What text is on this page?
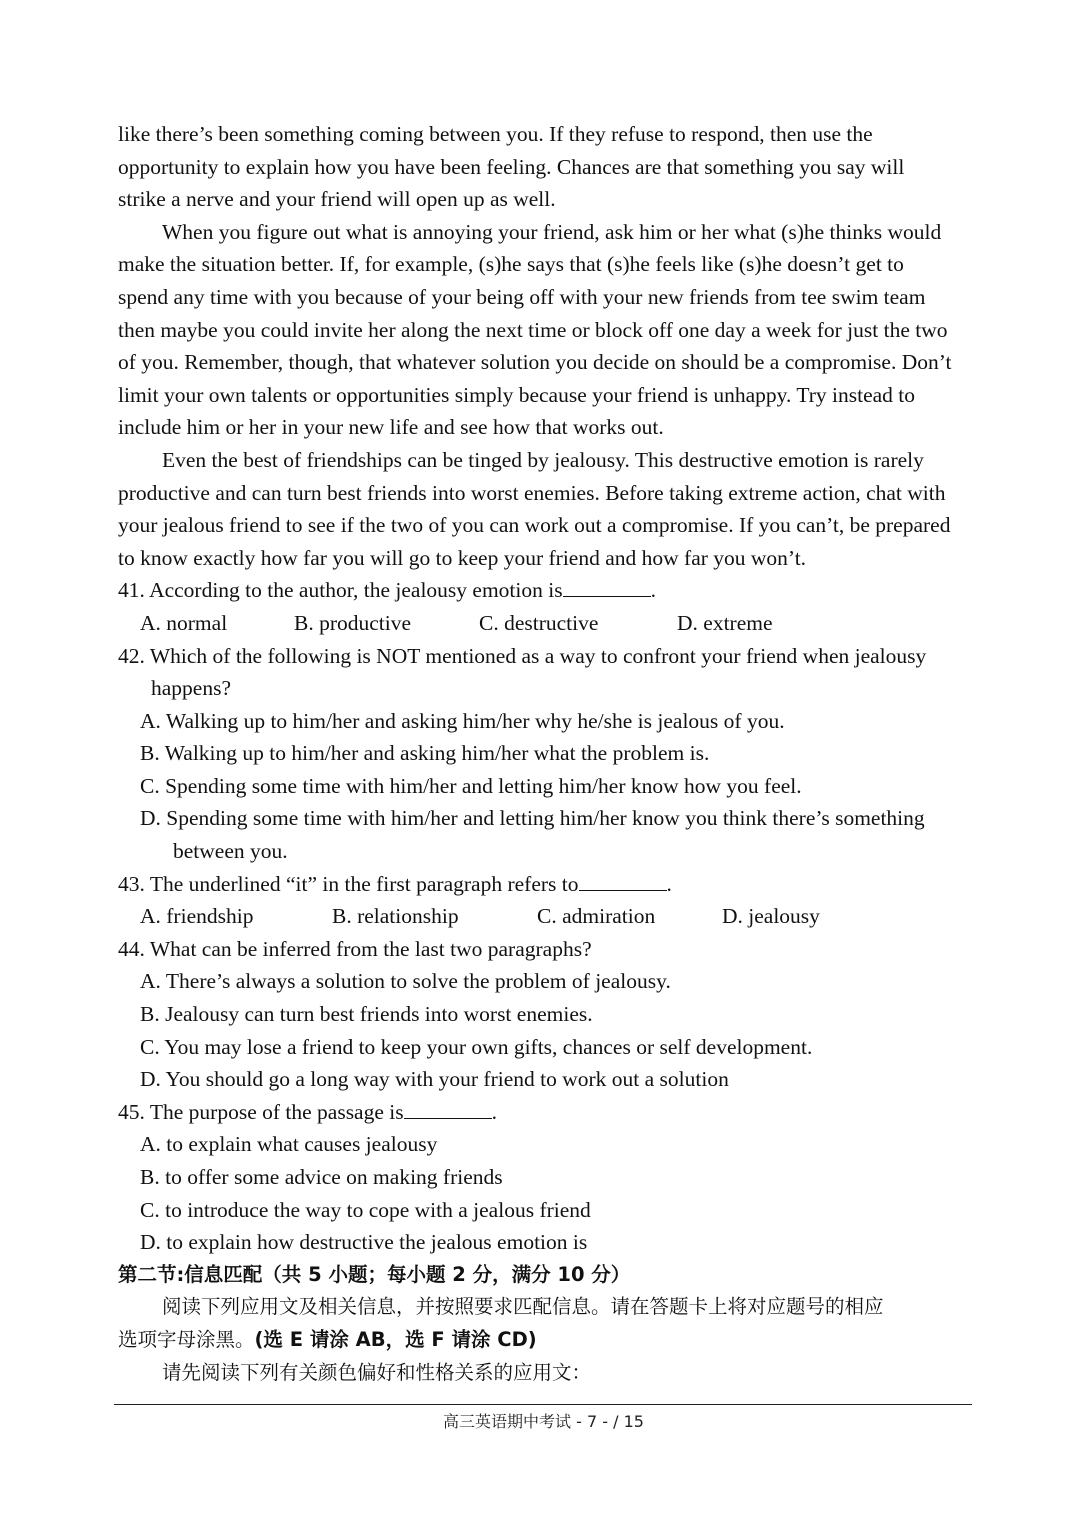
like there’s been something coming between you. If they refuse to respond, then use the
opportunity to explain how you have been feeling. Chances are that something you say will
strike a nerve and your friend will open up as well.
When you figure out what is annoying your friend, ask him or her what (s)he thinks would
make the situation better. If, for example, (s)he says that (s)he feels like (s)he doesn’t get to
spend any time with you because of your being off with your new friends from tee swim team
then maybe you could invite her along the next time or block off one day a week for just the two
of you. Remember, though, that whatever solution you decide on should be a compromise. Don’t
limit your own talents or opportunities simply because your friend is unhappy. Try instead to
include him or her in your new life and see how that works out.
Even the best of friendships can be tinged by jealousy. This destructive emotion is rarely
productive and can turn best friends into worst enemies. Before taking extreme action, chat with
your jealous friend to see if the two of you can work out a compromise. If you can’t, be prepared
to know exactly how far you will go to keep your friend and how far you won’t.
41. According to the author, the jealousy emotion is	.
A. normal	B. productive	C. destructive	D. extreme
42. Which of the following is NOT mentioned as a way to confront your friend when jealousy
happens?
A. Walking up to him/her and asking him/her why he/she is jealous of you.
B. Walking up to him/her and asking him/her what the problem is.
C. Spending some time with him/her and letting him/her know how you feel.
D. Spending some time with him/her and letting him/her know you think there’s something
between you.
43. The underlined “it” in the first paragraph refers to	.
A. friendship	B. relationship	C. admiration	D. jealousy
44. What can be inferred from the last two paragraphs?
A. There’s always a solution to solve the problem of jealousy.
B. Jealousy can turn best friends into worst enemies.
C. You may lose a friend to keep your own gifts, chances or self development.
D. You should go a long way with your friend to work out a solution
45. The purpose of the passage is	.
A. to explain what causes jealousy
B. to offer some advice on making friends
C. to introduce the way to cope with a jealous friend
D. to explain how destructive the jealous emotion is
第二节:信息匹配（共 5 小题；每小题 2 分，满分 10 分）
阅读下列应用文及相关信息，并按照要求匹配信息。请在答题卡上将对应题号的相应
选项字母涂黑。(选 E 请涂 AB，选 F 请涂 CD)
请先阅读下列有关颜色偏好和性格关系的应用文：
高三英语期中考试 - 7 - / 15
